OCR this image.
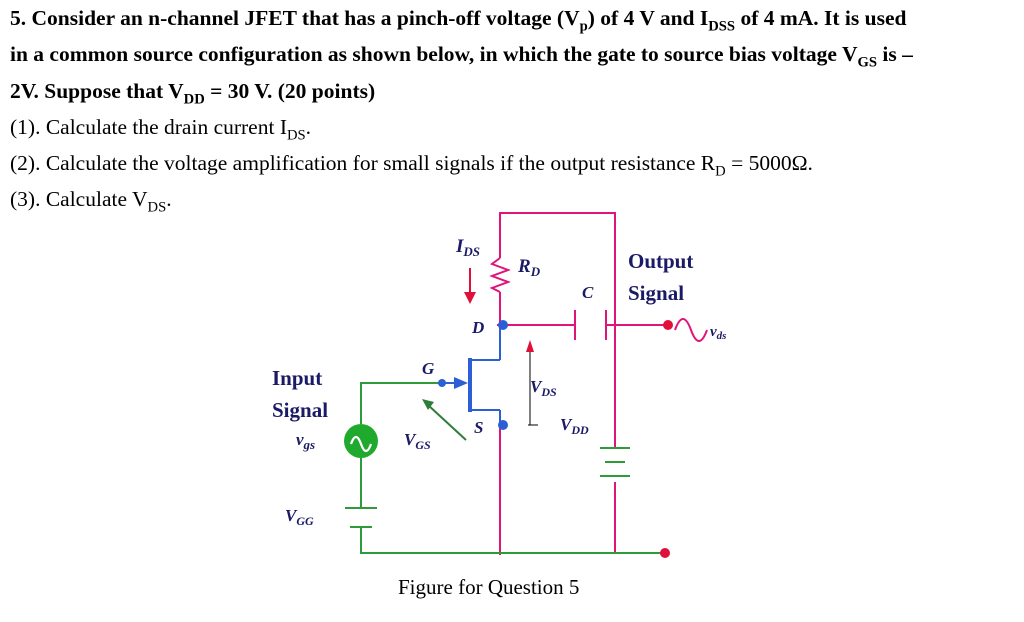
5. Consider an n-channel JFET that has a pinch-off voltage $(V_p)$ of 4 V and $I_{DSS}$ of 4 mA. It is used

in a common source configuration as shown below, in which the gate to source bias voltage $V_{GS}$ is –

2V. Suppose that $V_{DD} = 30$ V. (20 points)

(1). Calculate the drain current $I_{DS}$.

(2). Calculate the voltage amplification for small signals if the output resistance $R_D = 5000\Omega$.

(3). Calculate $V_{DS}$.

$I_{DS}$
$R_D$
C
Output
Signal
$v_{ds}$
D
G
S
$V_{DS}$
$V_{DD}$
Input
Signal
$v_{gs}$	$V_{GS}$
$V_{GG}$
Figure for Question 5
